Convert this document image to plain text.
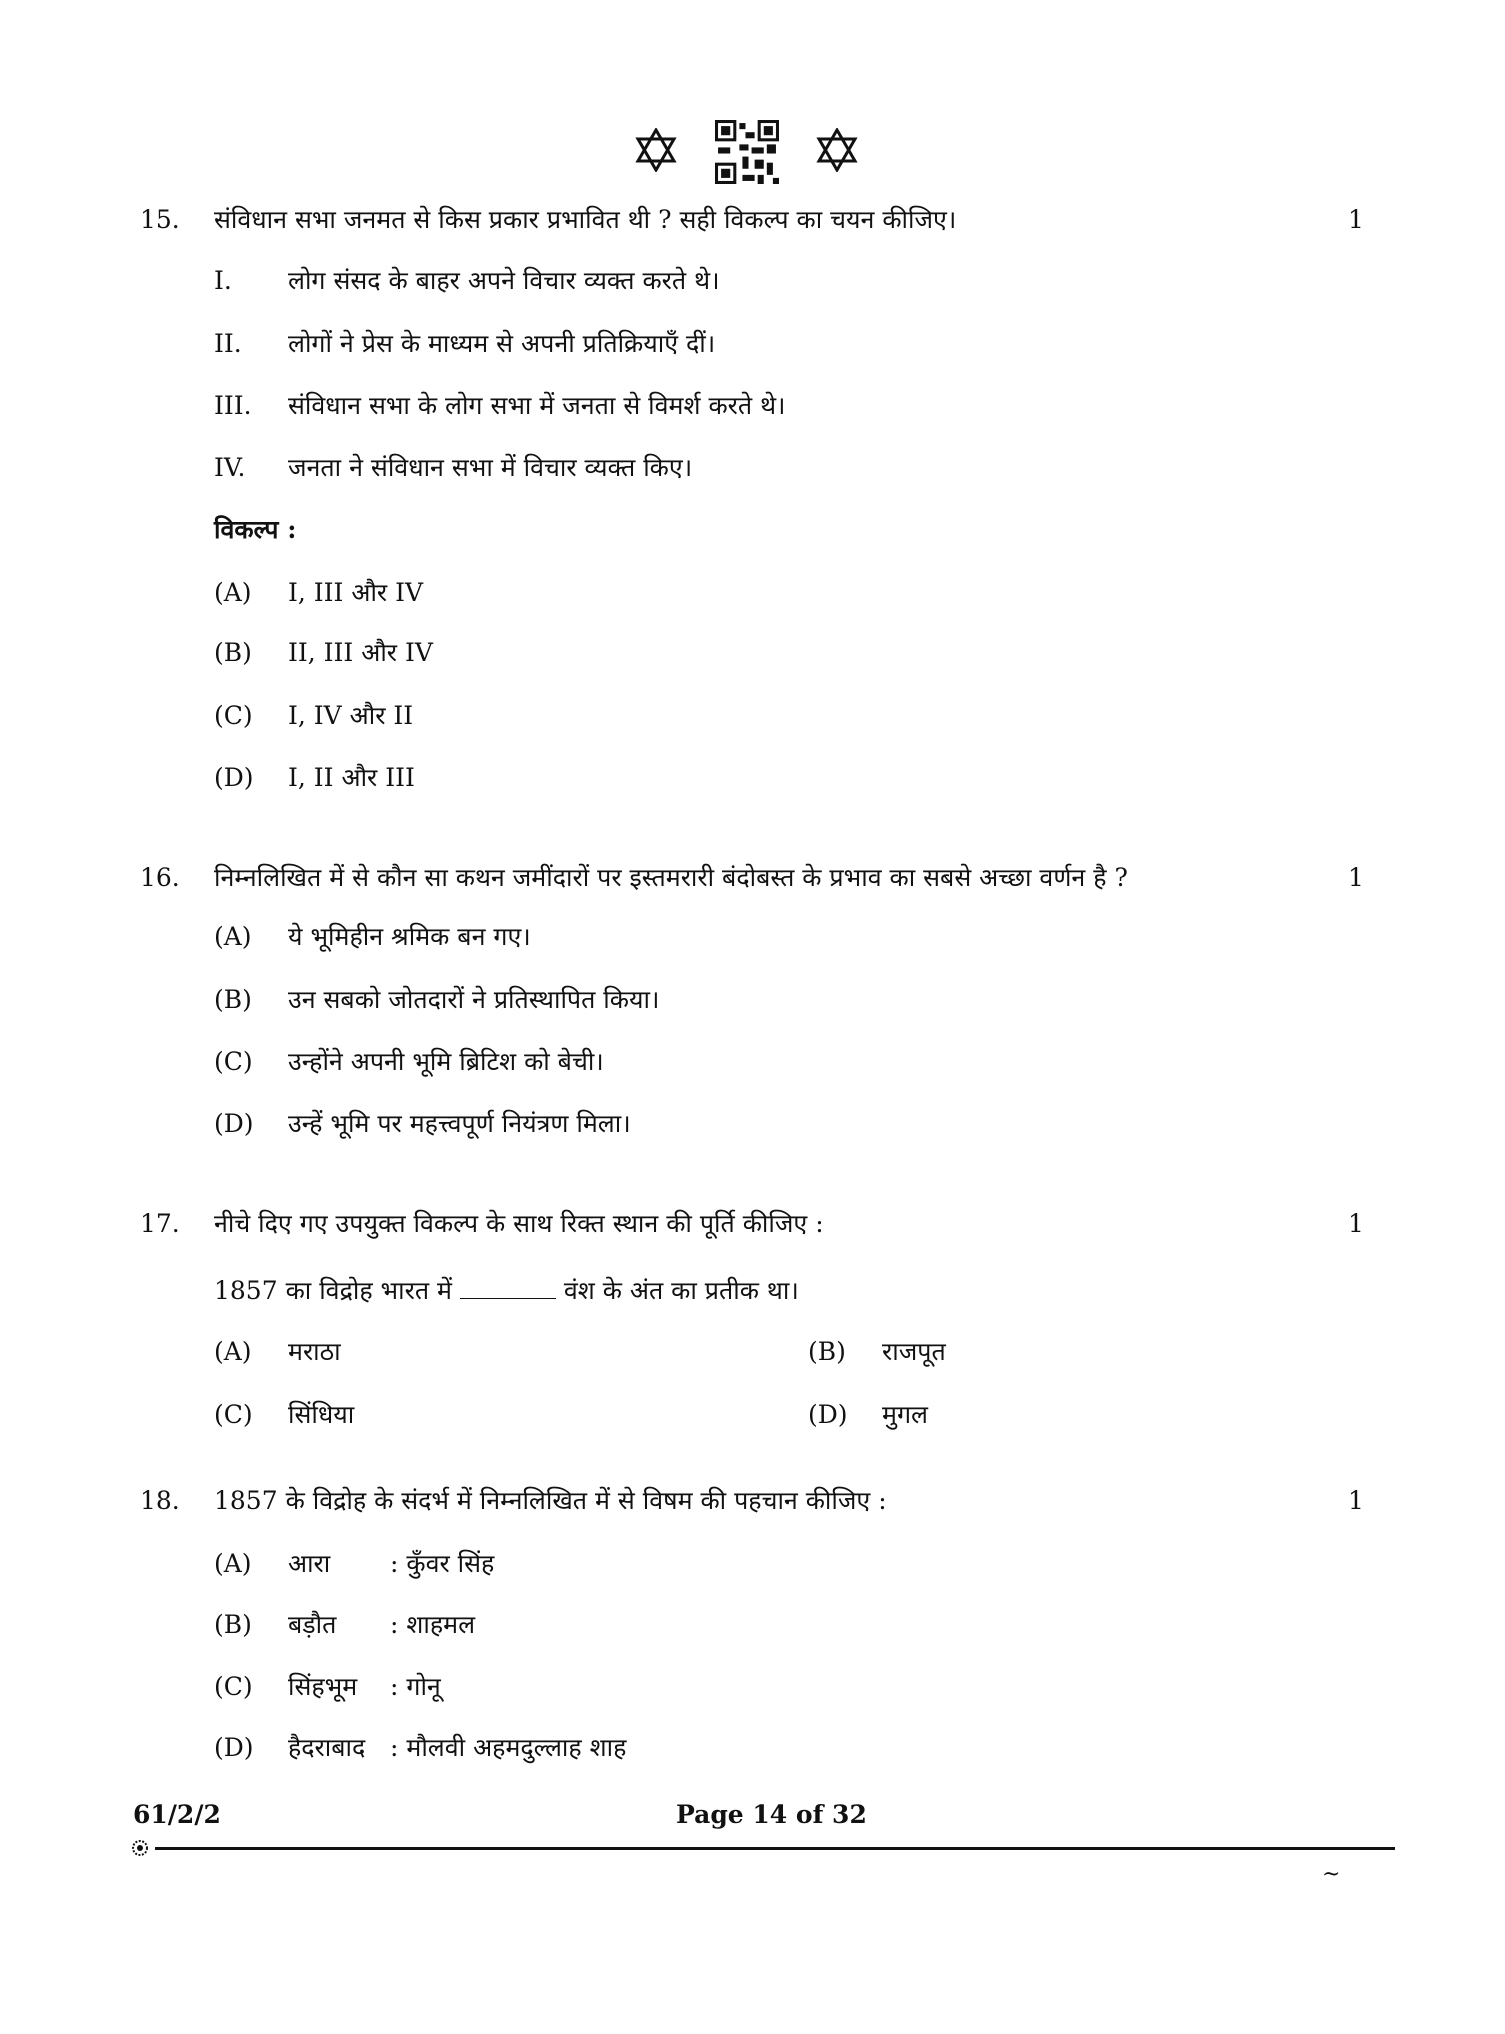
15. संविधान सभा जनमत से किस प्रकार प्रभावित थी ? सही विकल्प का चयन कीजिए।	1
I. लोग संसद के बाहर अपने विचार व्यक्त करते थे।
II. लोगों ने प्रेस के माध्यम से अपनी प्रतिक्रियाएँ दीं।
III. संविधान सभा के लोग सभा में जनता से विमर्श करते थे।
IV. जनता ने संविधान सभा में विचार व्यक्त किए।
विकल्प :
(A) I, III और IV
(B) II, III और IV
(C) I, IV और II
(D) I, II और III
16. निम्नलिखित में से कौन सा कथन जमींदारों पर इस्तमरारी बंदोबस्त के प्रभाव का सबसे अच्छा वर्णन है ?	1
(A) ये भूमिहीन श्रमिक बन गए।
(B) उन सबको जोतदारों ने प्रतिस्थापित किया।
(C) उन्होंने अपनी भूमि ब्रिटिश को बेची।
(D) उन्हें भूमि पर महत्त्वपूर्ण नियंत्रण मिला।
17. नीचे दिए गए उपयुक्त विकल्प के साथ रिक्त स्थान की पूर्ति कीजिए :	1
1857 का विद्रोह भारत में	वंश के अंत का प्रतीक था।
(A) मराठा	(B) राजपूत
(C) सिंधिया	(D) मुगल
18. 1857 के विद्रोह के संदर्भ में निम्नलिखित में से विषम की पहचान कीजिए :	1
(A) आरा : कुँवर सिंह
(B) बड़ौत : शाहमल
(C) सिंहभूम : गोनू
(D) हैदराबाद : मौलवी अहमदुल्लाह शाह
61/2/2	Page 14 of 32
~
